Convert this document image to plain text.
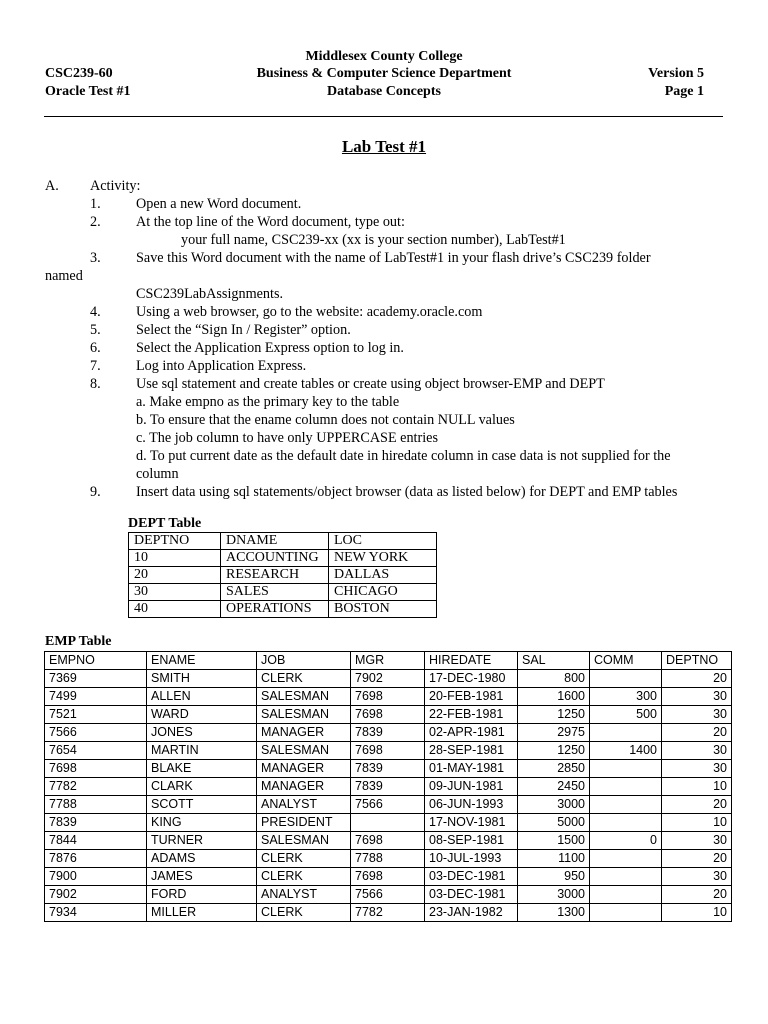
Middlesex County College
CSC239-60	Business & Computer Science Department	Version 5
Oracle Test #1	Database Concepts	Page 1
Lab Test #1
A. Activity:
1. Open a new Word document.
2. At the top line of the Word document, type out:
your full name, CSC239-xx (xx is your section number), LabTest#1
3. Save this Word document with the name of LabTest#1 in your flash drive’s CSC239 folder
named
CSC239LabAssignments.
4. Using a web browser, go to the website: academy.oracle.com
5. Select the “Sign In / Register” option.
6. Select the Application Express option to log in.
7. Log into Application Express.
8. Use sql statement and create tables or create using object browser-EMP and DEPT
a. Make empno as the primary key to the table
b. To ensure that the ename column does not contain NULL values
c. The job column to have only UPPERCASE entries
d. To put current date as the default date in hiredate column in case data is not supplied for the
column
9. Insert data using sql statements/object browser (data as listed below) for DEPT and EMP tables
DEPT Table
DEPTNO	DNAME	LOC
10	ACCOUNTING	NEW YORK
20	RESEARCH	DALLAS
30	SALES	CHICAGO
40	OPERATIONS	BOSTON
EMP Table
EMPNO	ENAME	JOB	MGR	HIREDATE	SAL	COMM	DEPTNO
7369	SMITH	CLERK	7902	17-DEC-1980	800		20
7499	ALLEN	SALESMAN	7698	20-FEB-1981	1600	300	30
7521	WARD	SALESMAN	7698	22-FEB-1981	1250	500	30
7566	JONES	MANAGER	7839	02-APR-1981	2975		20
7654	MARTIN	SALESMAN	7698	28-SEP-1981	1250	1400	30
7698	BLAKE	MANAGER	7839	01-MAY-1981	2850		30
7782	CLARK	MANAGER	7839	09-JUN-1981	2450		10
7788	SCOTT	ANALYST	7566	06-JUN-1993	3000		20
7839	KING	PRESIDENT		17-NOV-1981	5000		10
7844	TURNER	SALESMAN	7698	08-SEP-1981	1500	0	30
7876	ADAMS	CLERK	7788	10-JUL-1993	1100		20
7900	JAMES	CLERK	7698	03-DEC-1981	950		30
7902	FORD	ANALYST	7566	03-DEC-1981	3000		20
7934	MILLER	CLERK	7782	23-JAN-1982	1300		10
